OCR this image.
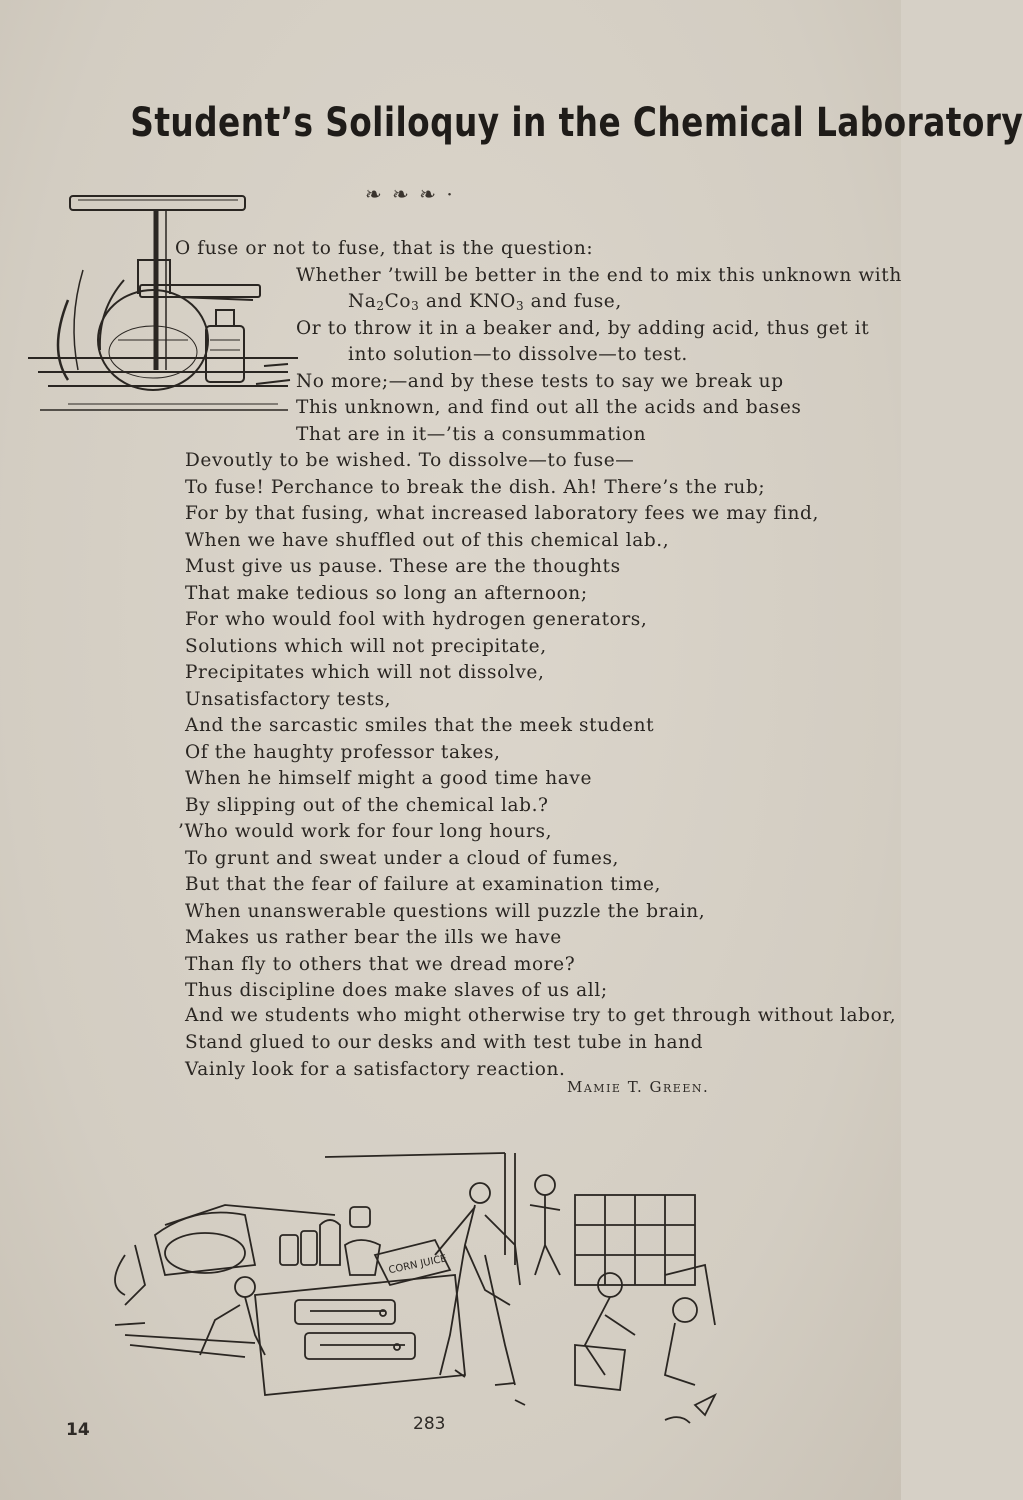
Student’s Soliloquy in the Chemical Laboratory
❧ ❧ ❧ ·
O fuse or not to fuse, that is the question:
Whether ’twill be better in the end to mix this unknown with
$Na_2Co_3$ and $KNO_3$ and fuse,
Or to throw it in a beaker and, by adding acid, thus get it
into solution—to dissolve—to test.
No more;—and by these tests to say we break up
This unknown, and find out all the acids and bases
That are in it—’tis a consummation
Devoutly to be wished. To dissolve—to fuse—
To fuse! Perchance to break the dish. Ah! There’s the rub;
For by that fusing, what increased laboratory fees we may find,
When we have shuffled out of this chemical lab.,
Must give us pause. These are the thoughts
That make tedious so long an afternoon;
For who would fool with hydrogen generators,
Solutions which will not precipitate,
Precipitates which will not dissolve,
Unsatisfactory tests,
And the sarcastic smiles that the meek student
Of the haughty professor takes,
When he himself might a good time have
By slipping out of the chemical lab.?
’Who would work for four long hours,
To grunt and sweat under a cloud of fumes,
But that the fear of failure at examination time,
When unanswerable questions will puzzle the brain,
Makes us rather bear the ills we have
Than fly to others that we dread more?
Thus discipline does make slaves of us all;
And we students who might otherwise try to get through without labor,
Stand glued to our desks and with test tube in hand
Vainly look for a satisfactory reaction.
Mamie T. Green.
CORN JUICE
14	283
